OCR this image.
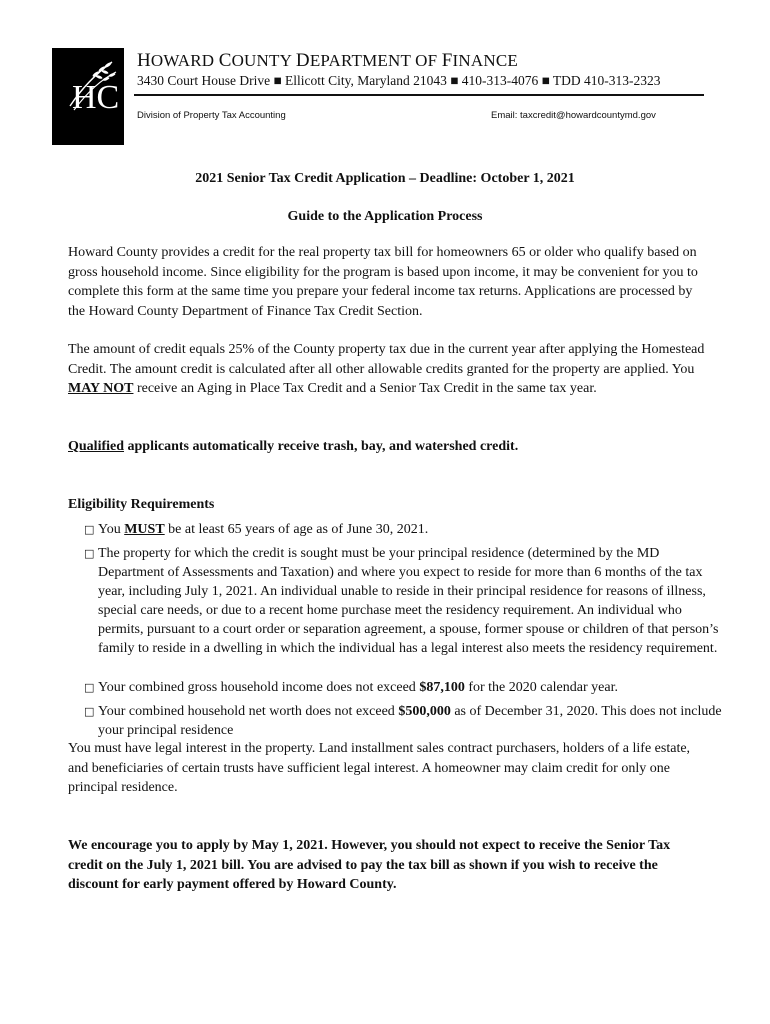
HC
HOWARD COUNTY DEPARTMENT OF FINANCE
3430 Court House Drive ■ Ellicott City, Maryland 21043 ■ 410-313-4076 ■ TDD 410-313-2323
Division of Property Tax Accounting	Email: taxcredit@howardcountymd.gov
2021 Senior Tax Credit Application – Deadline: October 1, 2021
Guide to the Application Process
Howard County provides a credit for the real property tax bill for homeowners 65 or older who qualify based on gross household income. Since eligibility for the program is based upon income, it may be convenient for you to complete this form at the same time you prepare your federal income tax returns. Applications are processed by the Howard County Department of Finance Tax Credit Section.
The amount of credit equals 25% of the County property tax due in the current year after applying the Homestead Credit. The amount credit is calculated after all other allowable credits granted for the property are applied. You MAY NOT receive an Aging in Place Tax Credit and a Senior Tax Credit in the same tax year.
Qualified applicants automatically receive trash, bay, and watershed credit.
Eligibility Requirements
□ You MUST be at least 65 years of age as of June 30, 2021.
□ The property for which the credit is sought must be your principal residence (determined by the MD Department of Assessments and Taxation) and where you expect to reside for more than 6 months of the tax year, including July 1, 2021. An individual unable to reside in their principal residence for reasons of illness, special care needs, or due to a recent home purchase meet the residency requirement. An individual who permits, pursuant to a court order or separation agreement, a spouse, former spouse or children of that person’s family to reside in a dwelling in which the individual has a legal interest also meets the residency requirement.
□ Your combined gross household income does not exceed $87,100 for the 2020 calendar year.
□ Your combined household net worth does not exceed $500,000 as of December 31, 2020. This does not include your principal residence
You must have legal interest in the property. Land installment sales contract purchasers, holders of a life estate, and beneficiaries of certain trusts have sufficient legal interest. A homeowner may claim credit for only one principal residence.
We encourage you to apply by May 1, 2021. However, you should not expect to receive the Senior Tax credit on the July 1, 2021 bill. You are advised to pay the tax bill as shown if you wish to receive the discount for early payment offered by Howard County.
